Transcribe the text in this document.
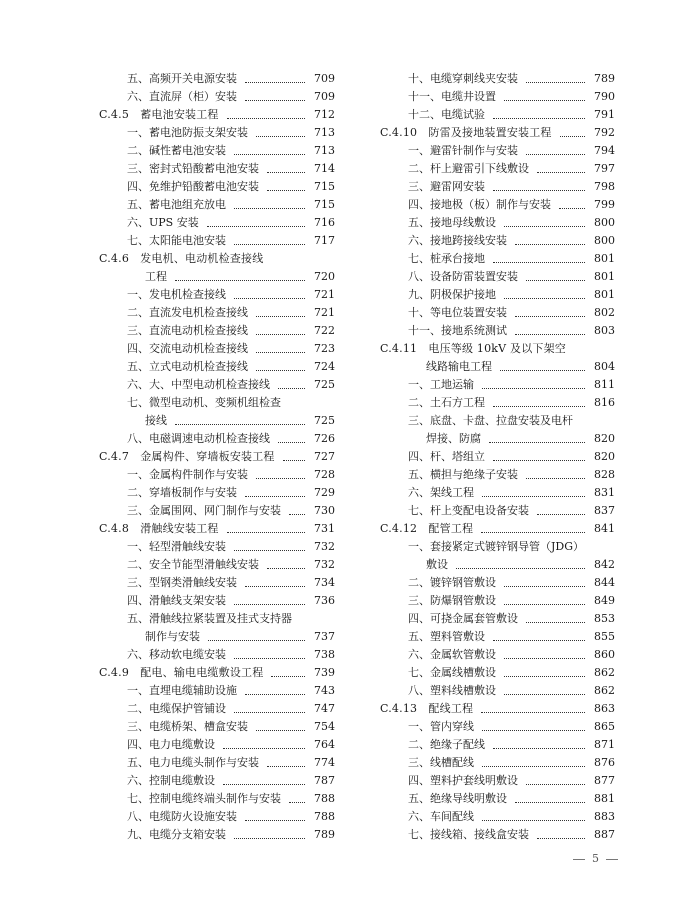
五、高频开关电源安装	709
六、直流屏（柜）安装	709
C.4.5　蓄电池安装工程	712
一、蓄电池防振支架安装	713
二、碱性蓄电池安装	713
三、密封式铅酸蓄电池安装	714
四、免维护铅酸蓄电池安装	715
五、蓄电池组充放电	715
六、UPS 安装	716
七、太阳能电池安装	717
C.4.6　发电机、电动机检查接线
工程	720
一、发电机检查接线	721
二、直流发电机检查接线	721
三、直流电动机检查接线	722
四、交流电动机检查接线	723
五、立式电动机检查接线	724
六、大、中型电动机检查接线	725
七、微型电动机、变频机组检查
接线	725
八、电磁调速电动机检查接线	726
C.4.7　金属构件、穿墙板安装工程	727
一、金属构件制作与安装	728
二、穿墙板制作与安装	729
三、金属围网、网门制作与安装	730
C.4.8　滑触线安装工程	731
一、轻型滑触线安装	732
二、安全节能型滑触线安装	732
三、型钢类滑触线安装	734
四、滑触线支架安装	736
五、滑触线拉紧装置及挂式支持器
制作与安装	737
六、移动软电缆安装	738
C.4.9　配电、输电电缆敷设工程	739
一、直埋电缆辅助设施	743
二、电缆保护管铺设	747
三、电缆桥架、槽盒安装	754
四、电力电缆敷设	764
五、电力电缆头制作与安装	774
六、控制电缆敷设	787
七、控制电缆终端头制作与安装	788
八、电缆防火设施安装	788
九、电缆分支箱安装	789
十、电缆穿刺线夹安装	789
十一、电缆井设置	790
十二、电缆试验	791
C.4.10　防雷及接地装置安装工程	792
一、避雷针制作与安装	794
二、杆上避雷引下线敷设	797
三、避雷网安装	798
四、接地极（板）制作与安装	799
五、接地母线敷设	800
六、接地跨接线安装	800
七、桩承台接地	801
八、设备防雷装置安装	801
九、阴极保护接地	801
十、等电位装置安装	802
十一、接地系统测试	803
C.4.11　电压等级 10kV 及以下架空
线路输电工程	804
一、工地运输	811
二、土石方工程	816
三、底盘、卡盘、拉盘安装及电杆
焊接、防腐	820
四、杆、塔组立	820
五、横担与绝缘子安装	828
六、架线工程	831
七、杆上变配电设备安装	837
C.4.12　配管工程	841
一、套接紧定式镀锌钢导管（JDG）
敷设	842
二、镀锌钢管敷设	844
三、防爆钢管敷设	849
四、可挠金属套管敷设	853
五、塑料管敷设	855
六、金属软管敷设	860
七、金属线槽敷设	862
八、塑料线槽敷设	862
C.4.13　配线工程	863
一、管内穿线	865
二、绝缘子配线	871
三、线槽配线	876
四、塑料护套线明敷设	877
五、绝缘导线明敷设	881
六、车间配线	883
七、接线箱、接线盒安装	887
5
